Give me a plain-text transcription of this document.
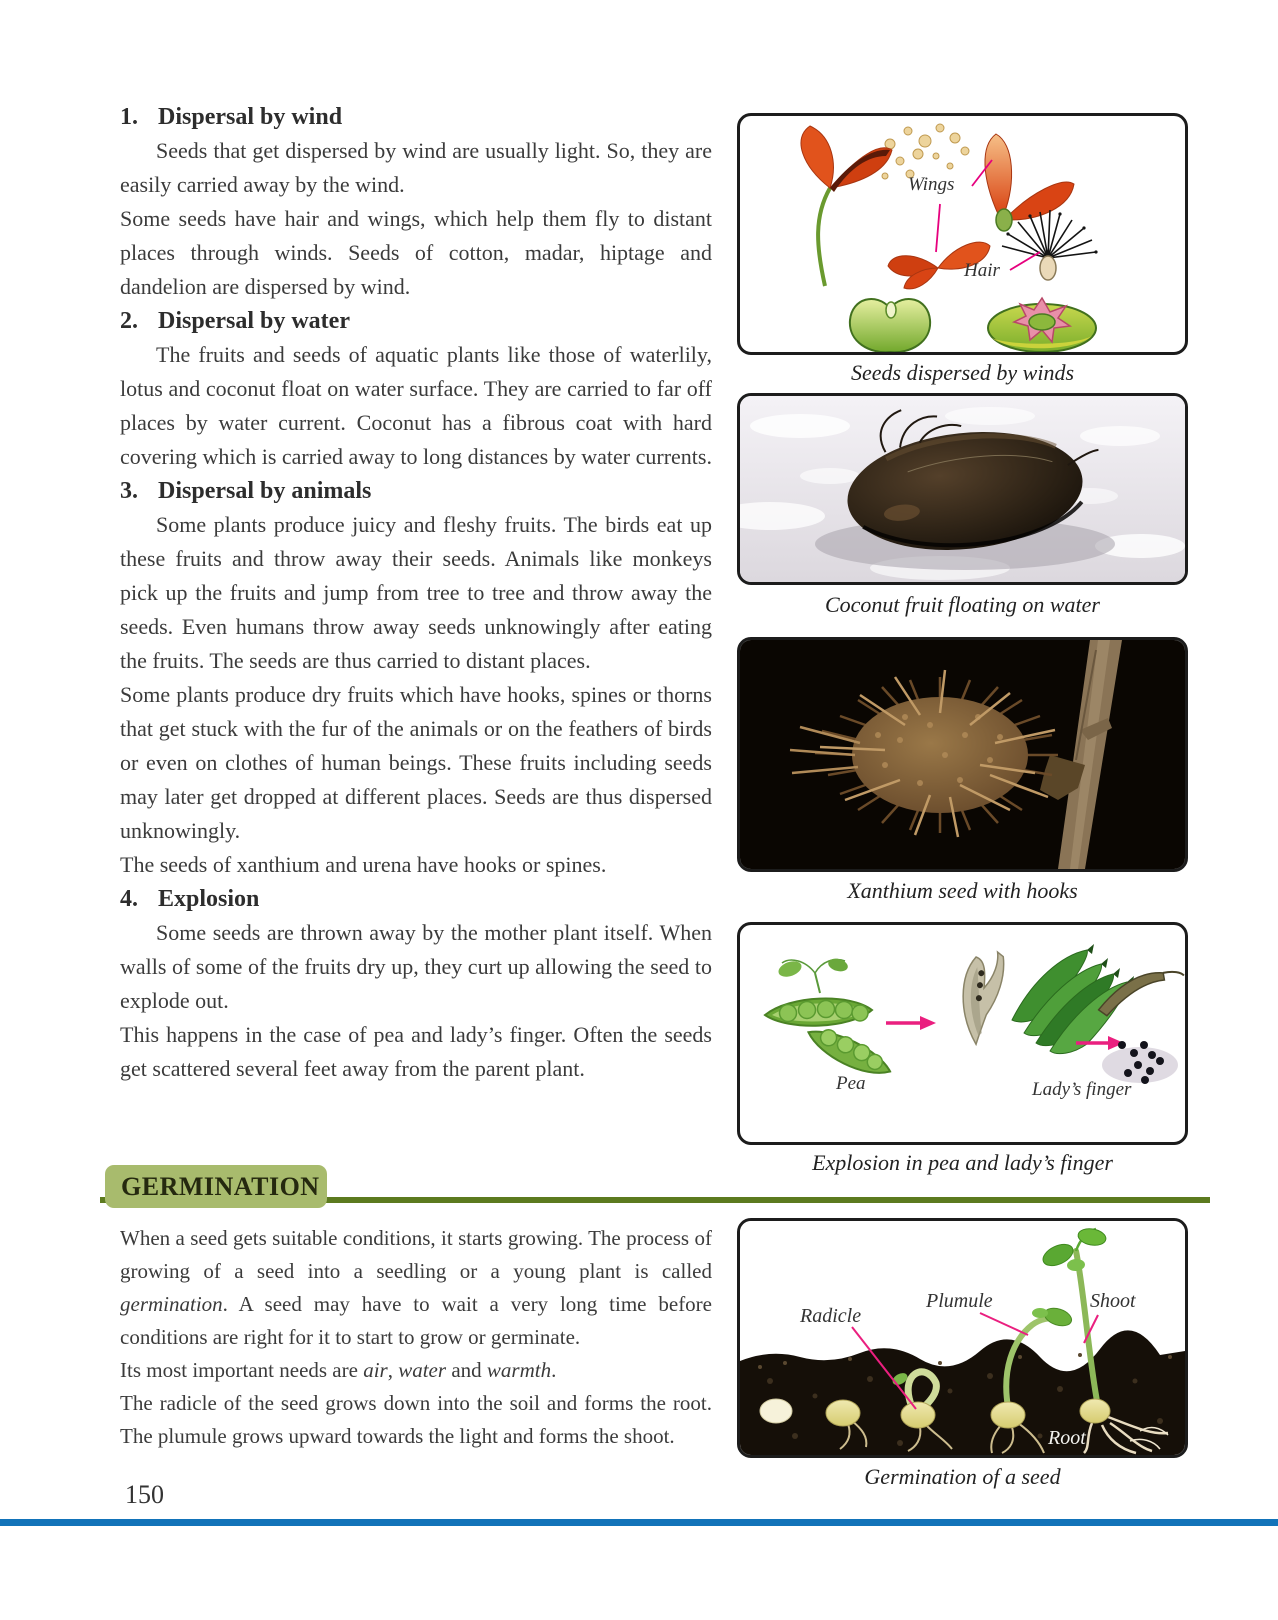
1. Dispersal by wind

Seeds that get dispersed by wind are usually light. So, they are easily carried away by the wind.

Some seeds have hair and wings, which help them fly to distant places through winds. Seeds of cotton, madar, hiptage and dandelion are dispersed by wind.

2. Dispersal by water

The fruits and seeds of aquatic plants like those of waterlily, lotus and coconut float on water surface. They are carried to far off places by water current. Coconut has a fibrous coat with hard covering which is carried away to long distances by water currents.

3. Dispersal by animals

Some plants produce juicy and fleshy fruits. The birds eat up these fruits and throw away their seeds. Animals like monkeys pick up the fruits and jump from tree to tree and throw away the seeds. Even humans throw away seeds unknowingly after eating the fruits. The seeds are thus carried to distant places.

Some plants produce dry fruits which have hooks, spines or thorns that get stuck with the fur of the animals or on the feathers of birds or even on clothes of human beings. These fruits including seeds may later get dropped at different places. Seeds are thus dispersed unknowingly.

The seeds of xanthium and urena have hooks or spines.

4. Explosion

Some seeds are thrown away by the mother plant itself. When walls of some of the fruits dry up, they curt up allowing the seed to explode out.

This happens in the case of pea and lady’s finger. Often the seeds get scattered several feet away from the parent plant.

GERMINATION

When a seed gets suitable conditions, it starts growing. The process of growing of a seed into a seedling or a young plant is called germination. A seed may have to wait a very long time before conditions are right for it to start to grow or germinate.

Its most important needs are air, water and warmth.

The radicle of the seed grows down into the soil and forms the root. The plumule grows upward towards the light and forms the shoot.

Wings
Hair
Seeds dispersed by winds
Coconut fruit floating on water
Xanthium seed with hooks
Pea	Lady’s finger
Explosion in pea and lady’s finger
Radicle
Plumule	Shoot
Root
Germination of a seed
150
